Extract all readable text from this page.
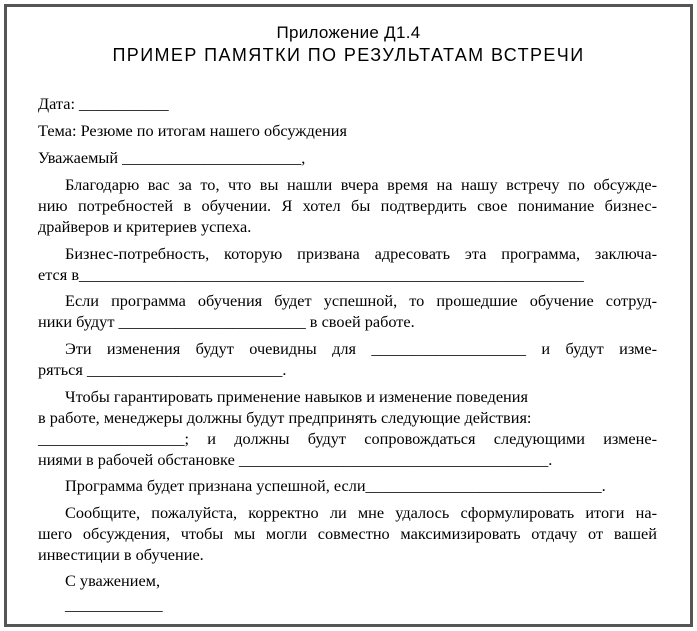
Приложение Д1.4
ПРИМЕР ПАМЯТКИ ПО РЕЗУЛЬТАТАМ ВСТРЕЧИ
Дата: ___________
Тема: Резюме по итогам нашего обсуждения
Уважаемый ______________________,
Благодарю вас за то, что вы нашли вчера время на нашу встречу по обсужде-
нию потребностей в обучении. Я хотел бы подтвердить свое понимание бизнес-
драйверов и критериев успеха.
Бизнес-потребность, которую призвана адресовать эта программа, заключа-
ется в______________________________________________________________
Если программа обучения будет успешной, то прошедшие обучение сотруд-
ники будут _______________________ в своей работе.
Эти изменения будут очевидны для ___________________ и будут изме-
ряться ________________________.
Чтобы гарантировать применение навыков и изменение поведения
в работе, менеджеры должны будут предпринять следующие действия:
__________________; и должны будут сопровождаться следующими измене-
ниями в рабочей обстановке ______________________________________.
Программа будет признана успешной, если_____________________________.
Сообщите, пожалуйста, корректно ли мне удалось сформулировать итоги на-
шего обсуждения, чтобы мы могли совместно максимизировать отдачу от вашей
инвестиции в обучение.
С уважением,
____________
